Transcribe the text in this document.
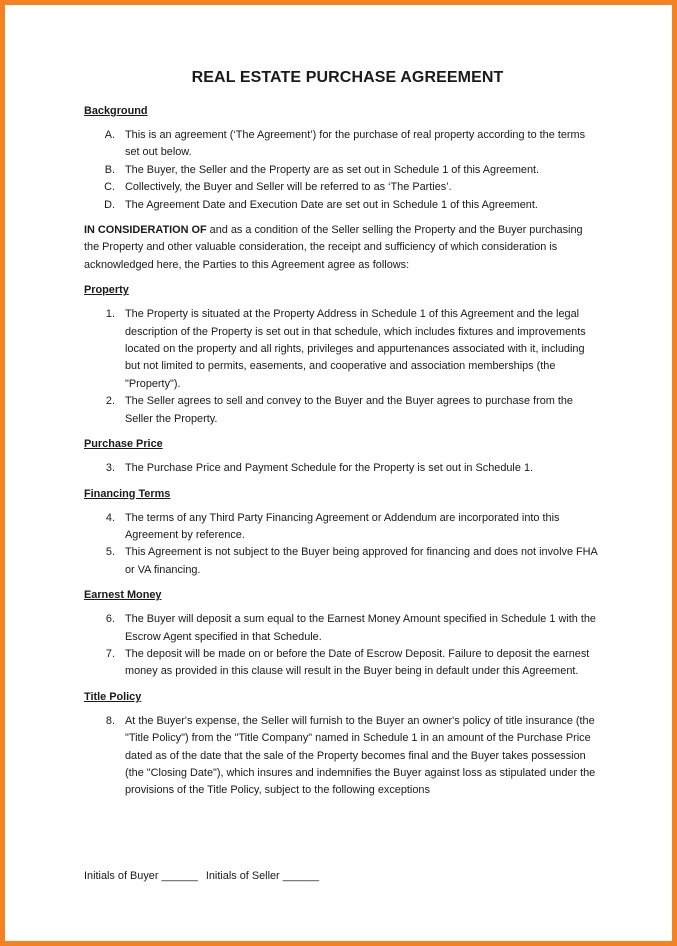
REAL ESTATE PURCHASE AGREEMENT
Background
A. This is an agreement (‘The Agreement’) for the purchase of real property according to the terms set out below.
B. The Buyer, the Seller and the Property are as set out in Schedule 1 of this Agreement.
C. Collectively, the Buyer and Seller will be referred to as ‘The Parties’.
D. The Agreement Date and Execution Date are set out in Schedule 1 of this Agreement.

IN CONSIDERATION OF and as a condition of the Seller selling the Property and the Buyer purchasing the Property and other valuable consideration, the receipt and sufficiency of which consideration is acknowledged here, the Parties to this Agreement agree as follows:

Property
1. The Property is situated at the Property Address in Schedule 1 of this Agreement and the legal description of the Property is set out in that schedule, which includes fixtures and improvements located on the property and all rights, privileges and appurtenances associated with it, including but not limited to permits, easements, and cooperative and association memberships (the "Property").
2. The Seller agrees to sell and convey to the Buyer and the Buyer agrees to purchase from the Seller the Property.
Purchase Price
3. The Purchase Price and Payment Schedule for the Property is set out in Schedule 1.
Financing Terms
4. The terms of any Third Party Financing Agreement or Addendum are incorporated into this Agreement by reference.
5. This Agreement is not subject to the Buyer being approved for financing and does not involve FHA or VA financing.
Earnest Money
6. The Buyer will deposit a sum equal to the Earnest Money Amount specified in Schedule 1 with the Escrow Agent specified in that Schedule.
7. The deposit will be made on or before the Date of Escrow Deposit. Failure to deposit the earnest money as provided in this clause will result in the Buyer being in default under this Agreement.
Title Policy
8. At the Buyer's expense, the Seller will furnish to the Buyer an owner's policy of title insurance (the "Title Policy") from the "Title Company" named in Schedule 1 in an amount of the Purchase Price dated as of the date that the sale of the Property becomes final and the Buyer takes possession (the "Closing Date"), which insures and indemnifies the Buyer against loss as stipulated under the provisions of the Title Policy, subject to the following exceptions
Initials of Buyer ______ Initials of Seller ______
